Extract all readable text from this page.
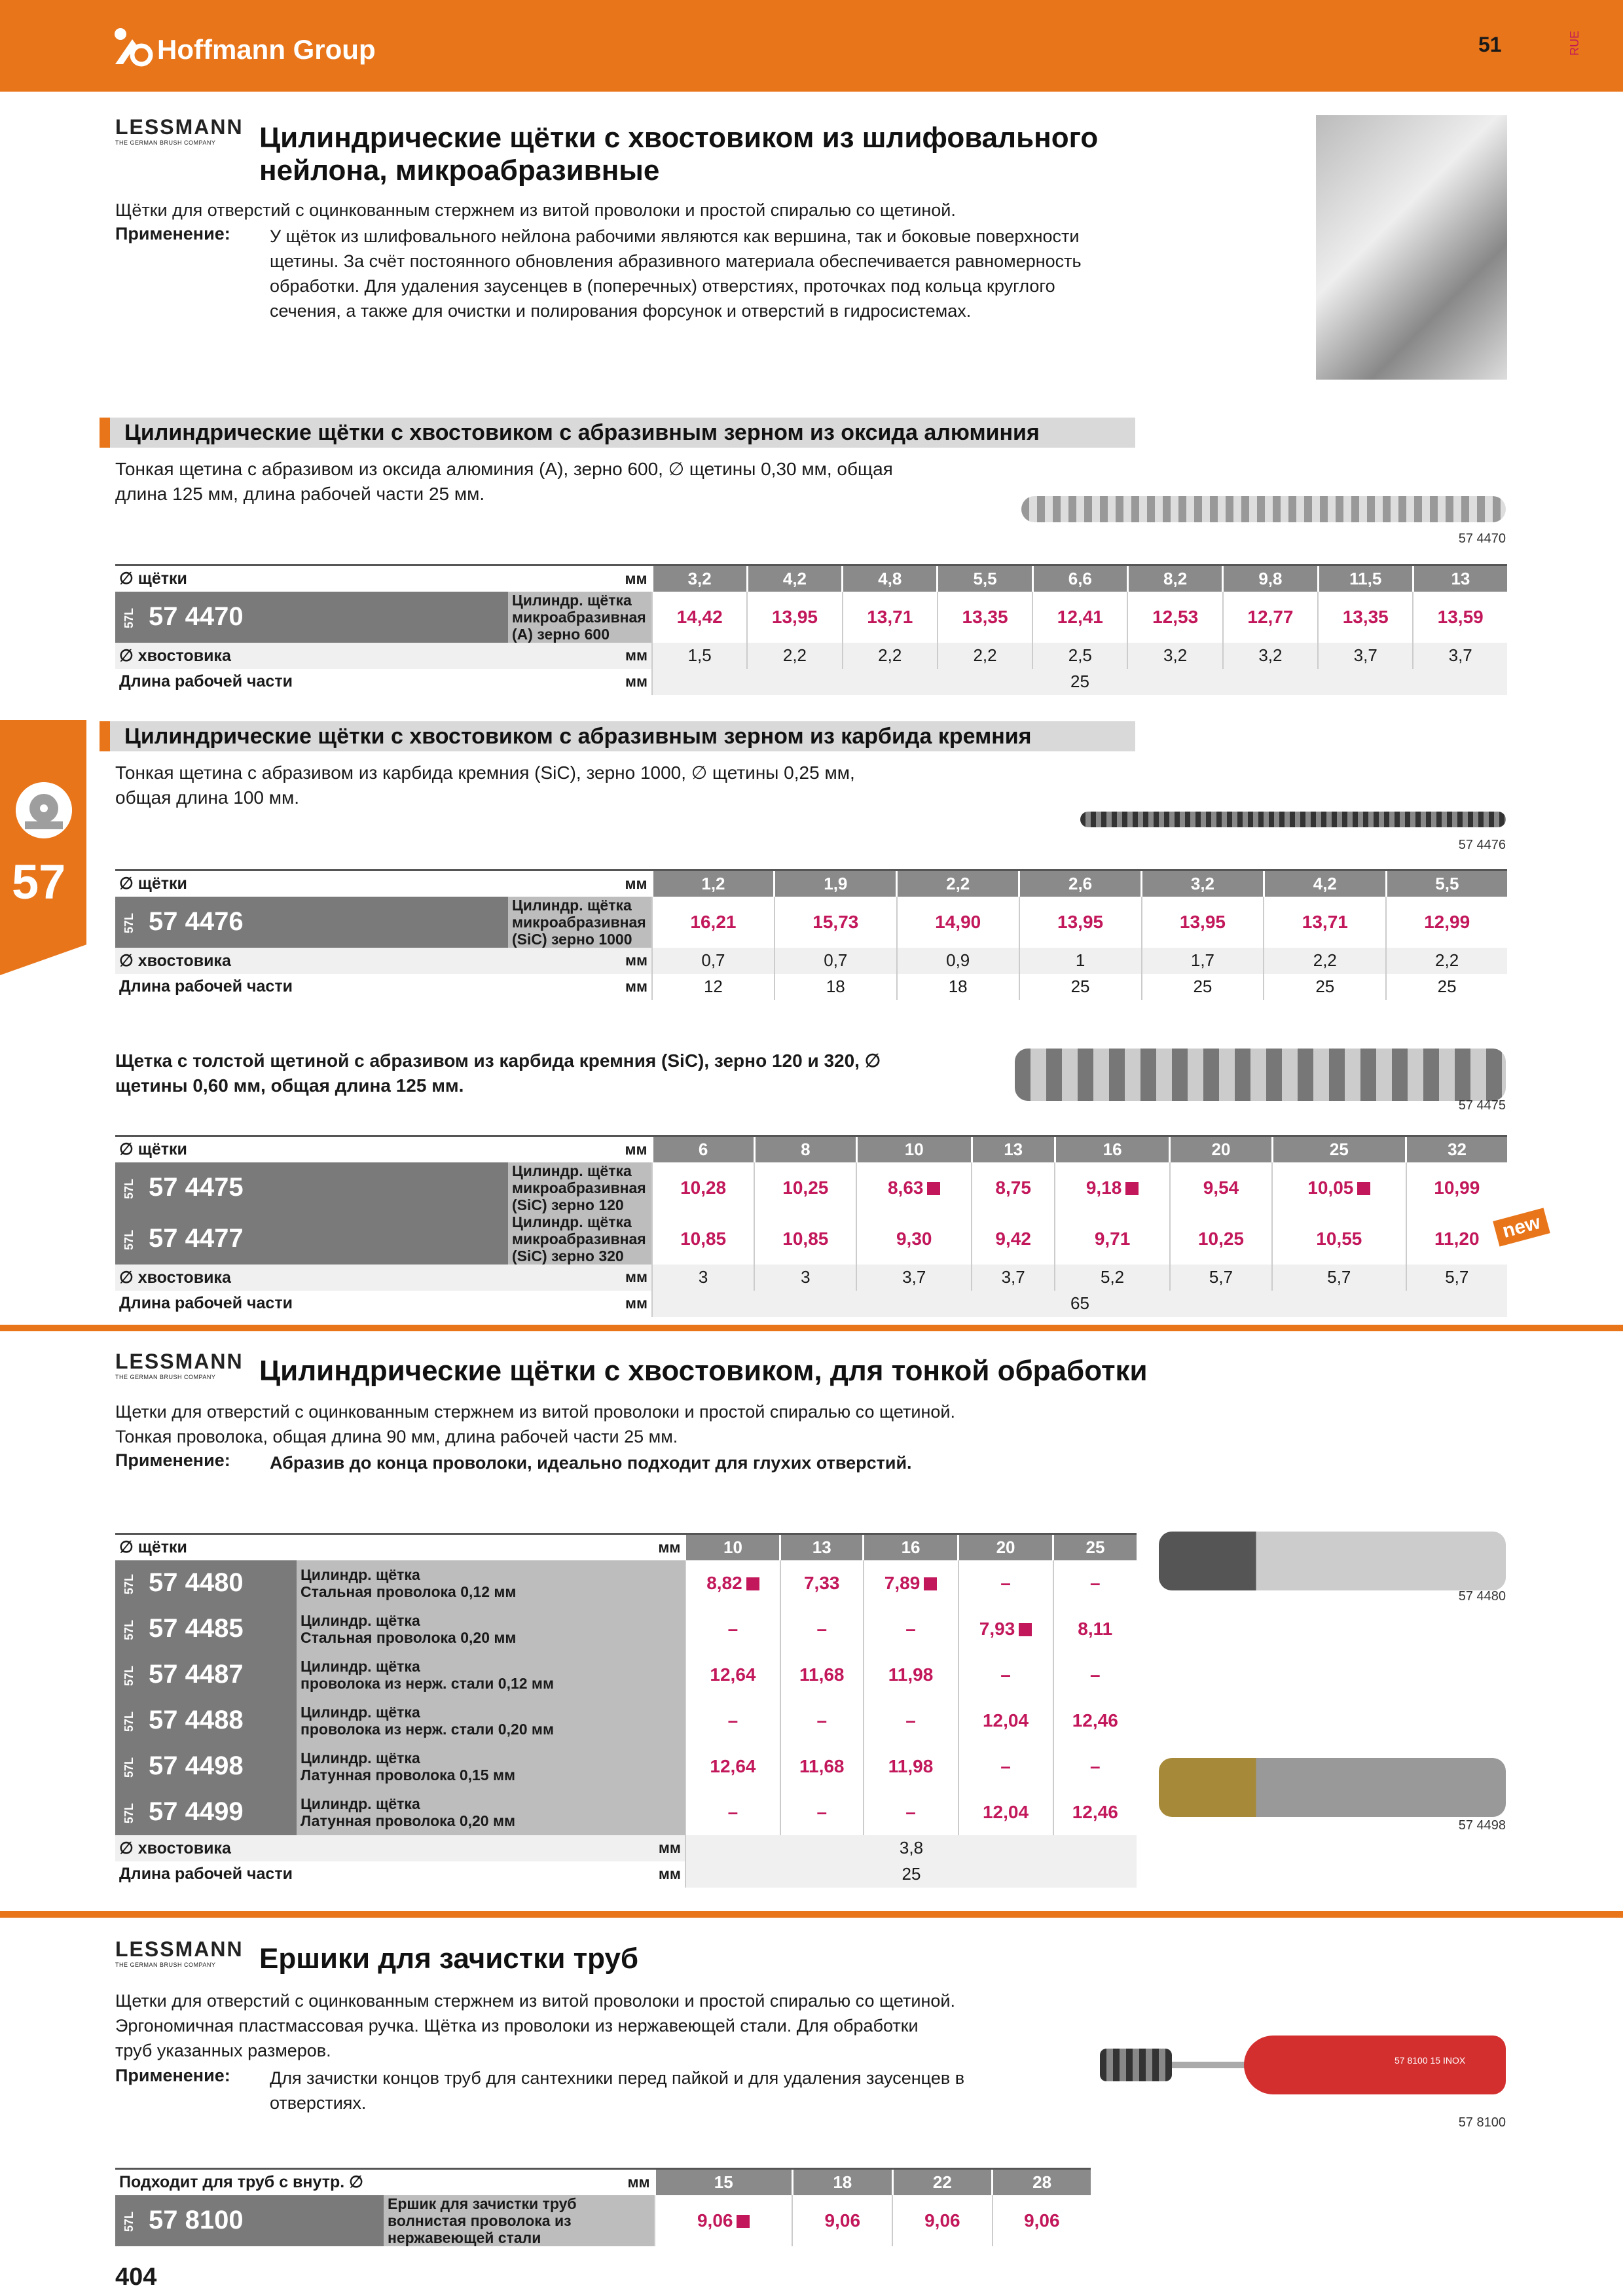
Hoffmann Group	51	RUE
57
LESSMANN
THE GERMAN BRUSH COMPANY	Цилиндрические щётки с хвостовиком из шлифовального
нейлона, микроабразивные
Щётки для отверстий с оцинкованным стержнем из витой проволоки и простой спиралью со щетиной.
Применение: У щёток из шлифовального нейлона рабочими являются как вершина, так и боковые поверхности
щетины. За счёт постоянного обновления абразивного материала обеспечивается равномерность
обработки. Для удаления заусенцев в (поперечных) отверстиях, проточках под кольца круглого
сечения, а также для очистки и полирования форсунок и отверстий в гидросистемах.
Цилиндрические щётки с хвостовиком с абразивным зерном из оксида алюминия
Тонкая щетина с абразивом из оксида алюминия (A), зерно 600, ∅ щетины 0,30 мм, общая
длина 125 мм, длина рабочей части 25 мм.
57 4470
∅ щётки	мм	3,2	4,2	4,8	5,5	6,6	8,2	9,8	11,5	13
57L 57 4470	Цилиндр. щётка микроабразивная
(A) зерно 600	14,42	13,95	13,71	13,35	12,41	12,53	12,77	13,35	13,59
∅ хвостовика	мм	1,5	2,2	2,2	2,2	2,5	3,2	3,2	3,7	3,7
Длина рабочей части	мм	25								
Цилиндрические щётки с хвостовиком с абразивным зерном из карбида кремния
Тонкая щетина с абразивом из карбида кремния (SiC), зерно 1000, ∅ щетины 0,25 мм,
общая длина 100 мм.
57 4476
∅ щётки	мм	1,2	1,9	2,2	2,6	3,2	4,2	5,5
57L 57 4476	Цилиндр. щётка микроабразивная
(SiC) зерно 1000	16,21	15,73	14,90	13,95	13,95	13,71	12,99
∅ хвостовика	мм	0,7	0,7	0,9	1	1,7	2,2	2,2
Длина рабочей части	мм	12	18	18	25	25	25	25
Щетка с толстой щетиной с абразивом из карбида кремния (SiC), зерно 120 и 320, ∅
щетины 0,60 мм, общая длина 125 мм.
57 4475
∅ щётки	мм	6	8	10	13	16	20	25	32
57L 57 4475	Цилиндр. щётка микроабразивная
(SiC) зерно 120	10,28	10,25	8,63	8,75	9,18	9,54	10,05	10,99
57L 57 4477	Цилиндр. щётка микроабразивная
(SiC) зерно 320	10,85	10,85	9,30	9,42	9,71	10,25	10,55	11,20
∅ хвостовика	мм	3	3	3,7	3,7	5,2	5,7	5,7	5,7
Длина рабочей части	мм	65							
new
LESSMANN
THE GERMAN BRUSH COMPANY	Цилиндрические щётки с хвостовиком, для тонкой обработки
Щетки для отверстий с оцинкованным стержнем из витой проволоки и простой спиралью со щетиной.
Тонкая проволока, общая длина 90 мм, длина рабочей части 25 мм.
Применение: Абразив до конца проволоки, идеально подходит для глухих отверстий.
∅ щётки	мм	10	13	16	20	25
57L 57 4480	Цилиндр. щётка
Стальная проволока 0,12 мм	8,82	7,33	7,89	–	–
57L 57 4485	Цилиндр. щётка
Стальная проволока 0,20 мм	–	–	–	7,93	8,11
57L 57 4487	Цилиндр. щётка
проволока из нерж. стали 0,12 мм	12,64	11,68	11,98	–	–
57L 57 4488	Цилиндр. щётка
проволока из нерж. стали 0,20 мм	–	–	–	12,04	12,46
57L 57 4498	Цилиндр. щётка
Латунная проволока 0,15 мм	12,64	11,68	11,98	–	–
57L 57 4499	Цилиндр. щётка
Латунная проволока 0,20 мм	–	–	–	12,04	12,46
∅ хвостовика	мм	3,8				
Длина рабочей части	мм	25				
57 4480
57 4498
LESSMANN
THE GERMAN BRUSH COMPANY	Ершики для зачистки труб
Щетки для отверстий с оцинкованным стержнем из витой проволоки и простой спиралью со щетиной.
Эргономичная пластмассовая ручка. Щётка из проволоки из нержавеющей стали. Для обработки
труб указанных размеров.
Применение: Для зачистки концов труб для сантехники перед пайкой и для удаления заусенцев в
отверстиях.
57 8100 15 INOX
57 8100
Подходит для труб с внутр. ∅	мм	15	18	22	28
57L 57 8100	Ершик для зачистки труб
волнистая проволока из нержавеющей стали	9,06	9,06	9,06	9,06
404
